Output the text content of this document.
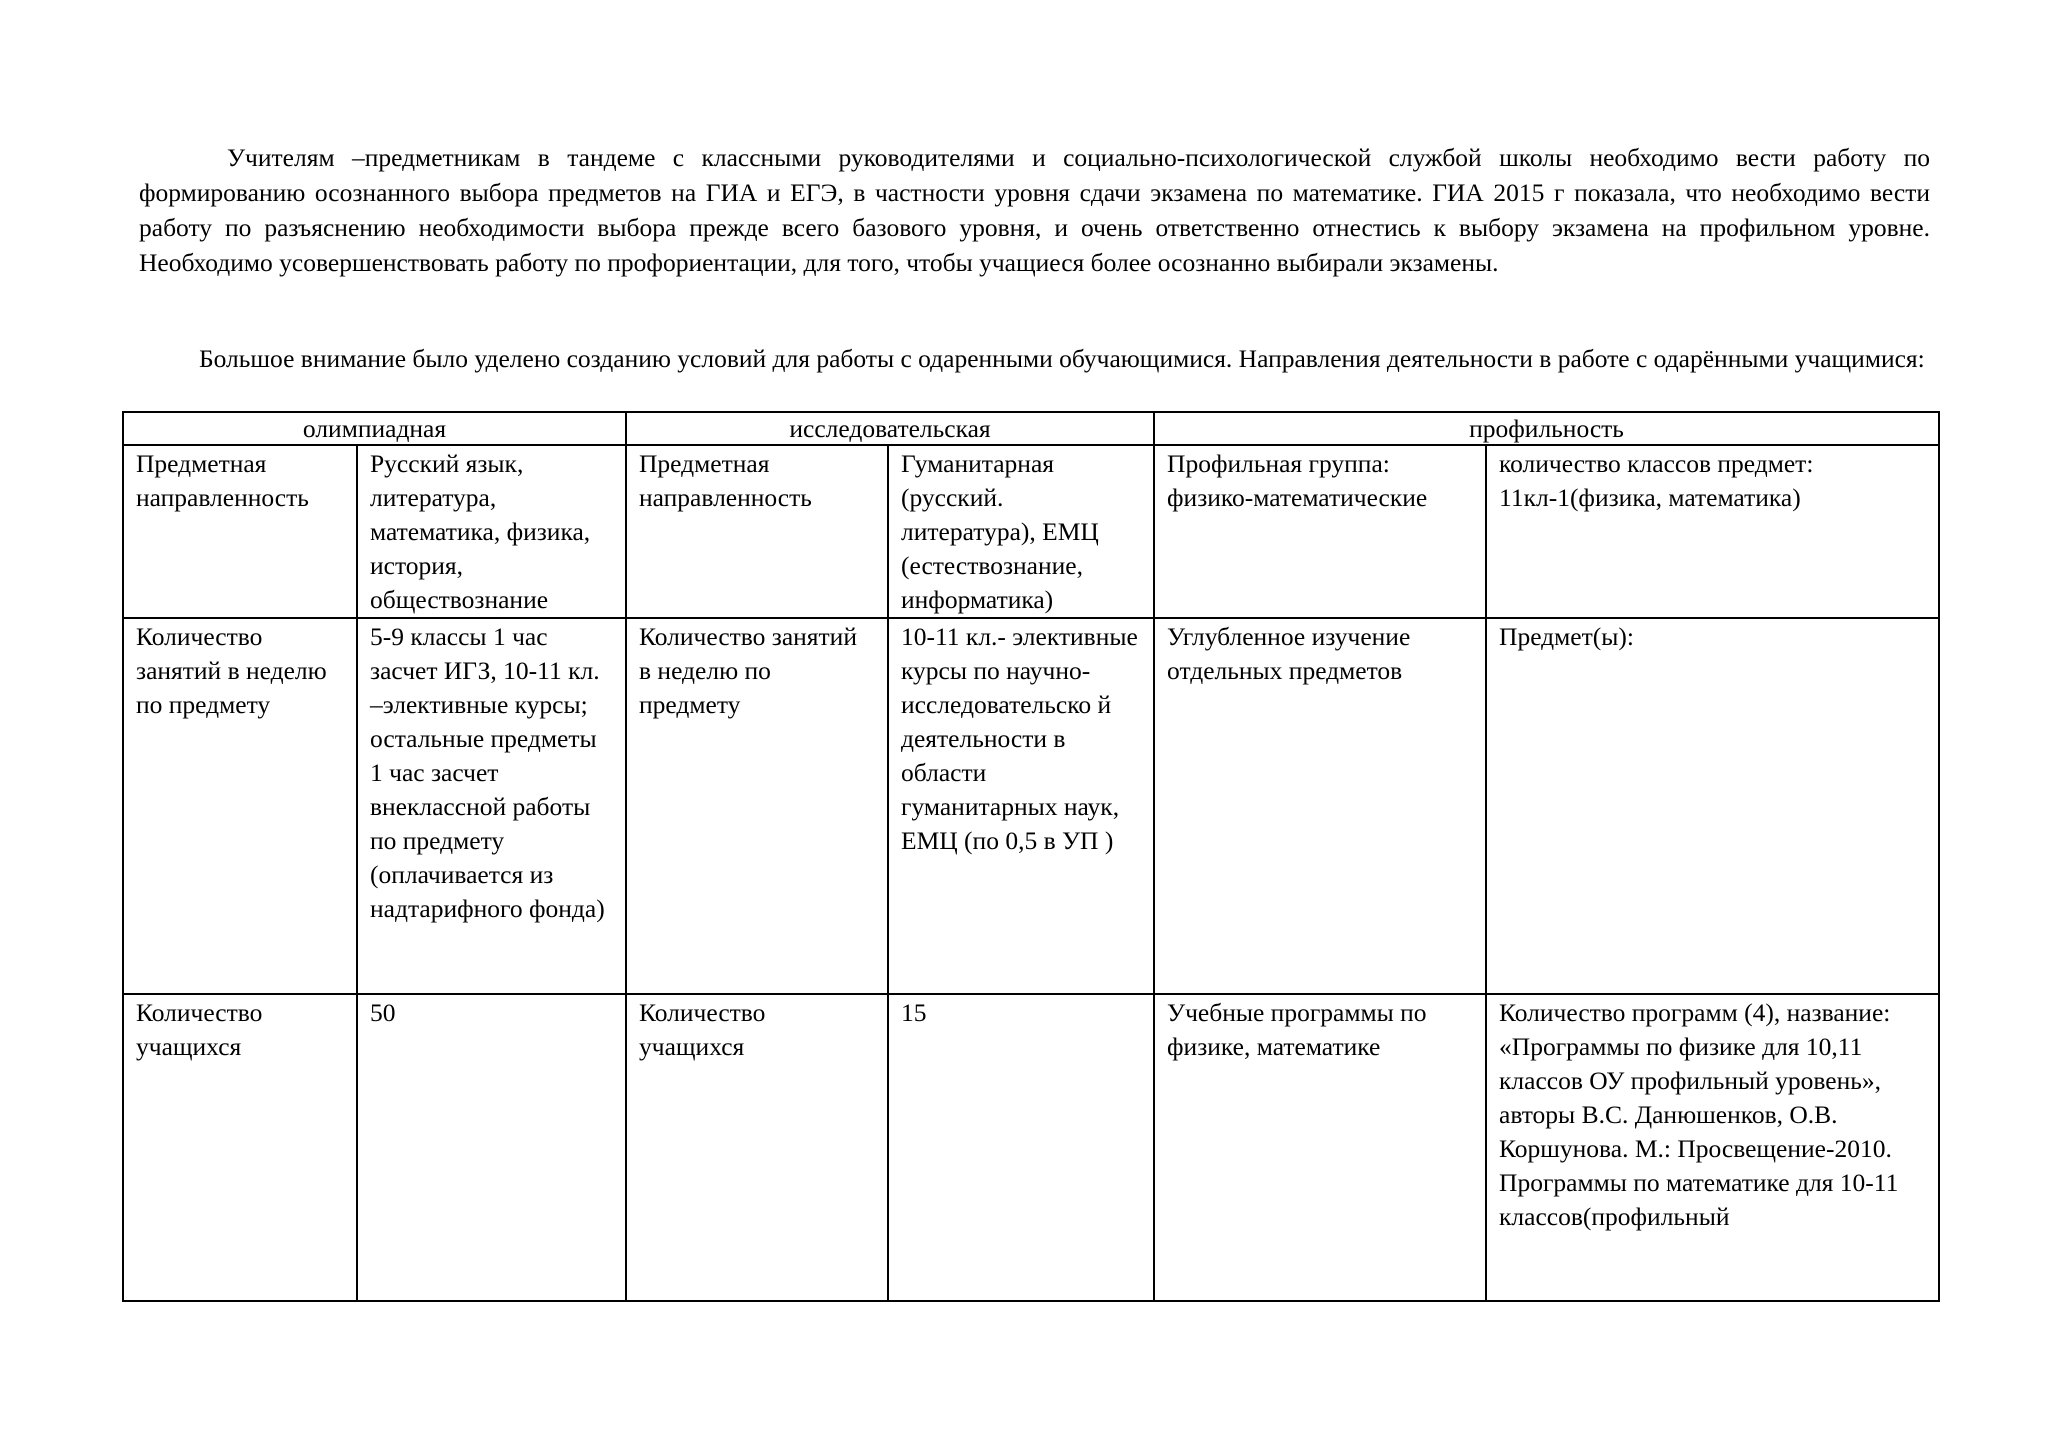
Учителям –предметникам в тандеме с классными руководителями и социально-психологической службой школы необходимо вести работу по формированию осознанного выбора предметов на ГИА и ЕГЭ, в частности уровня сдачи экзамена по математике. ГИА 2015 г показала, что необходимо вести работу по разъяснению необходимости выбора прежде всего базового уровня, и очень ответственно отнестись к выбору экзамена на профильном уровне. Необходимо усовершенствовать работу по профориентации, для того, чтобы учащиеся более осознанно выбирали экзамены.

Большое внимание было уделено созданию условий для работы с одаренными обучающимися. Направления деятельности в работе с одарёнными учащимися:

олимпиадная		исследовательская		профильность	
Предметная направленность	Русский язык, литература, математика, физика, история, обществознание	Предметная направленность	Гуманитарная (русский. литература), ЕМЦ (естествознание, информатика)	Профильная группа: физико-математические	количество классов предмет: 11кл-1(физика, математика)
Количество занятий в неделю по предмету	5-9 классы 1 час засчет ИГЗ, 10-11 кл. –элективные курсы; остальные предметы 1 час засчет внеклассной работы по предмету (оплачивается из надтарифного фонда)	Количество занятий в неделю по предмету	10-11 кл.- элективные курсы по научно-исследовательско й деятельности в области гуманитарных наук, ЕМЦ (по 0,5 в УП )	Углубленное изучение отдельных предметов	Предмет(ы):
Количество учащихся	50	Количество учащихся	15	Учебные программы по физике, математике	Количество программ (4), название: «Программы по физике для 10,11 классов ОУ профильный уровень», авторы В.С. Данюшенков, О.В. Коршунова. М.: Просвещение-2010. Программы по математике для 10-11 классов(профильный
